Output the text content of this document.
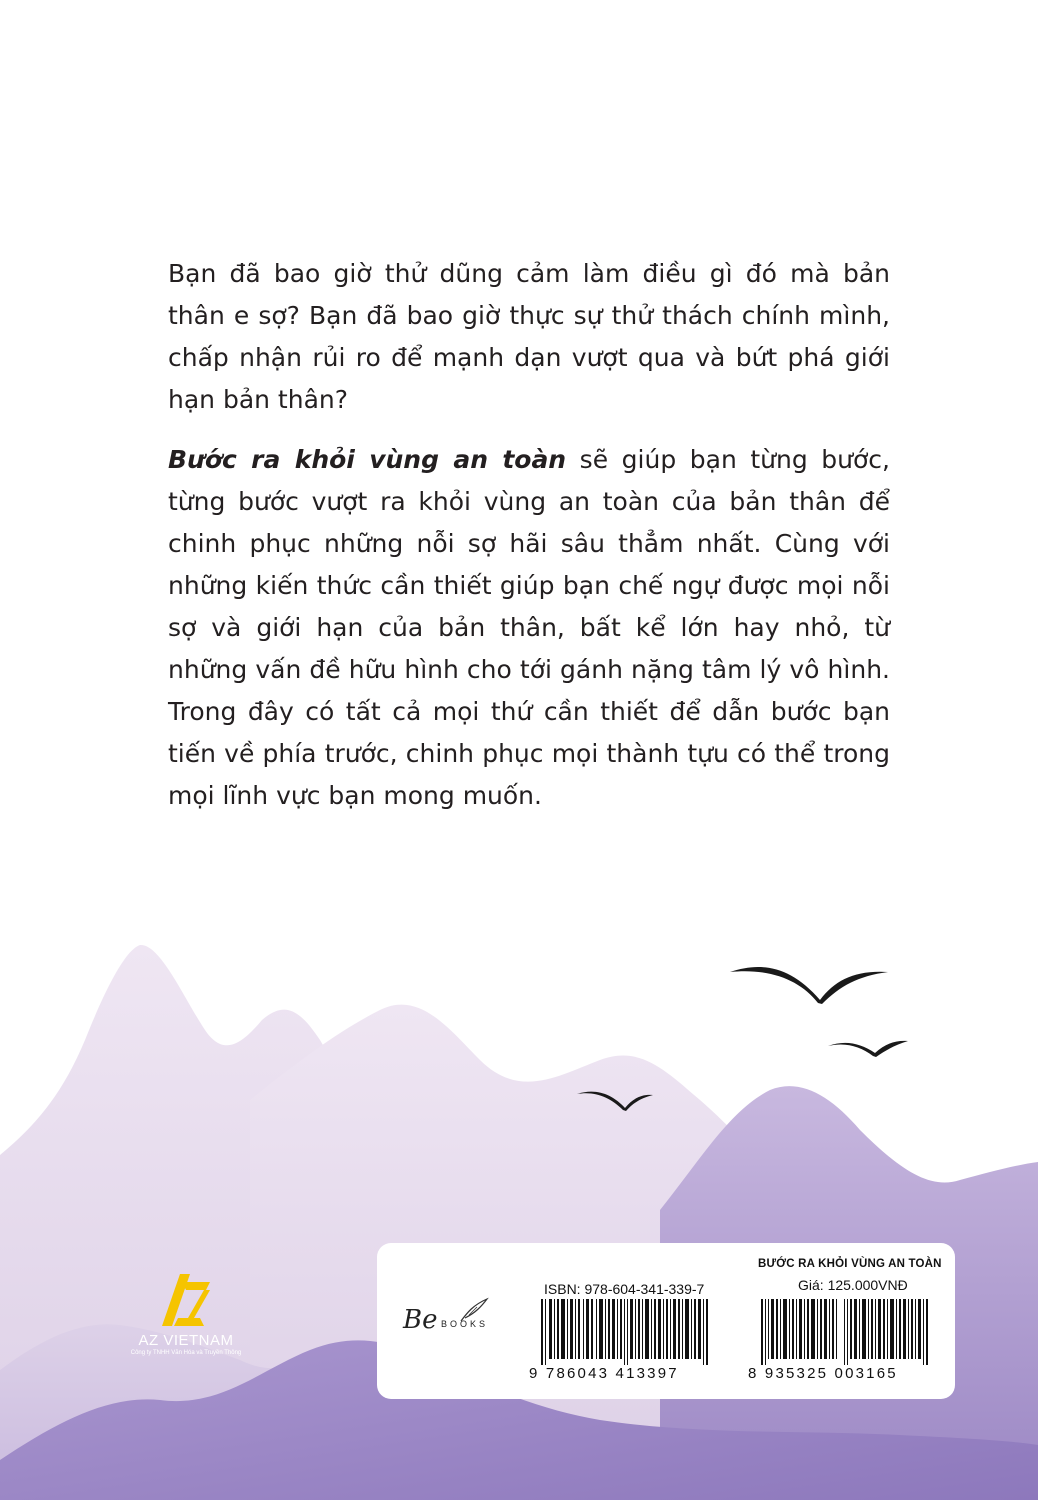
Bạn đã bao giờ thử dũng cảm làm điều gì đó mà bản thân e sợ? Bạn đã bao giờ thực sự thử thách chính mình, chấp nhận rủi ro để mạnh dạn vượt qua và bứt phá giới hạn bản thân?

Bước ra khỏi vùng an toàn sẽ giúp bạn từng bước, từng bước vượt ra khỏi vùng an toàn của bản thân để chinh phục những nỗi sợ hãi sâu thẳm nhất. Cùng với những kiến thức cần thiết giúp bạn chế ngự được mọi nỗi sợ và giới hạn của bản thân, bất kể lớn hay nhỏ, từ những vấn đề hữu hình cho tới gánh nặng tâm lý vô hình. Trong đây có tất cả mọi thứ cần thiết để dẫn bước bạn tiến về phía trước, chinh phục mọi thành tựu có thể trong mọi lĩnh vực bạn mong muốn.

AZ VIETNAM
Công ty TNHH Văn Hóa và Truyền Thông
Be BOOKS
ISBN: 978-604-341-339-7
9 786043 413397
BƯỚC RA KHỎI VÙNG AN TOÀN
Giá: 125.000VNĐ
8 935325 003165
